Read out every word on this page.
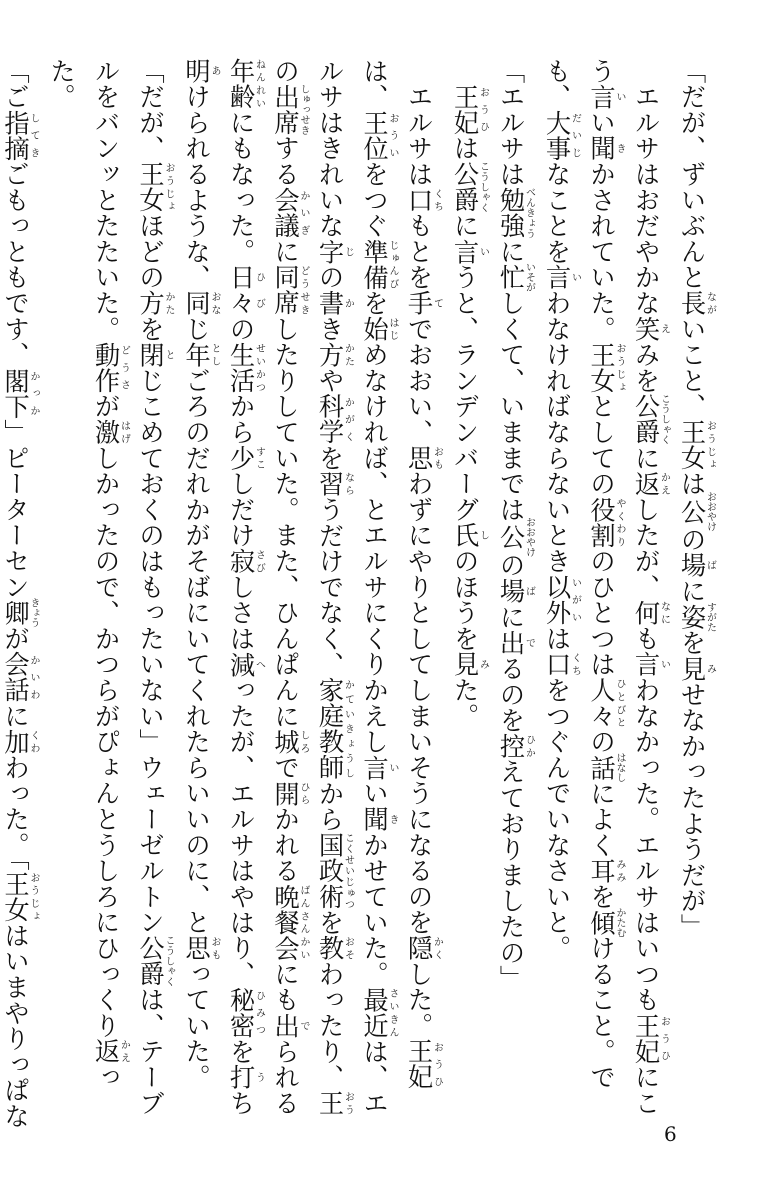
「だが、ずいぶんと長ながいこと、王女おうじょは公おおやけの場ばに姿すがたを見みせなかったようだが」
　エルサはおだやかな笑えみを公爵こうしゃくに返かえしたが、何なにも言いわなかった。エルサはいつも王妃おうひにこう言いい聞きかされていた。王女おうじょとしての役割やくわりのひとつは人々ひとびとの話はなしによく耳みみを傾かたむけること。でも、大事だいじなことを言いわなければならないとき以外いがいは口くちをつぐんでいなさいと。
「エルサは勉強べんきょうに忙いそがしくて、いままでは公おおやけの場ばに出でるのを控ひかえておりましたの」
　王妃おうひは公爵こうしゃくに言いうと、ランデンバーグ氏しのほうを見みた。
　エルサは口くちもとを手てでおおい、思おもわずにやりとしてしまいそうになるのを隠かくした。王妃おうひは、王位おういをつぐ準備じゅんびを始はじめなければ、とエルサにくりかえし言いい聞きかせていた。最近さいきんは、エルサはきれいな字じの書かき方かたや科学かがくを習ならうだけでなく、家庭教師かていきょうしから国政術こくせいじゅつを教おそわったり、王おうの出席しゅっせきする会議かいぎに同席どうせきしたりしていた。また、ひんぱんに城しろで開ひらかれる晩餐会ばんさんかいにも出でられる年齢ねんれいにもなった。日々ひびの生活せいかつから少すこしだけ寂さびしさは減へったが、エルサはやはり、秘密ひみつを打うち明あけられるような、同おなじ年としごろのだれかがそばにいてくれたらいいのに、と思おもっていた。
「だが、王女おうじょほどの方かたを閉とじこめておくのはもったいない」ウェーゼルトン公爵こうしゃくは、テーブルをバンッとたたいた。動作どうさが激はげしかったので、かつらがぴょんとうしろにひっくり返かえった。
「ご指摘してきごもっともです、閣下かっか」ピーターセン卿きょうが会話かいわに加くわわった。「王女おうじょはいまやりっぱな
6
